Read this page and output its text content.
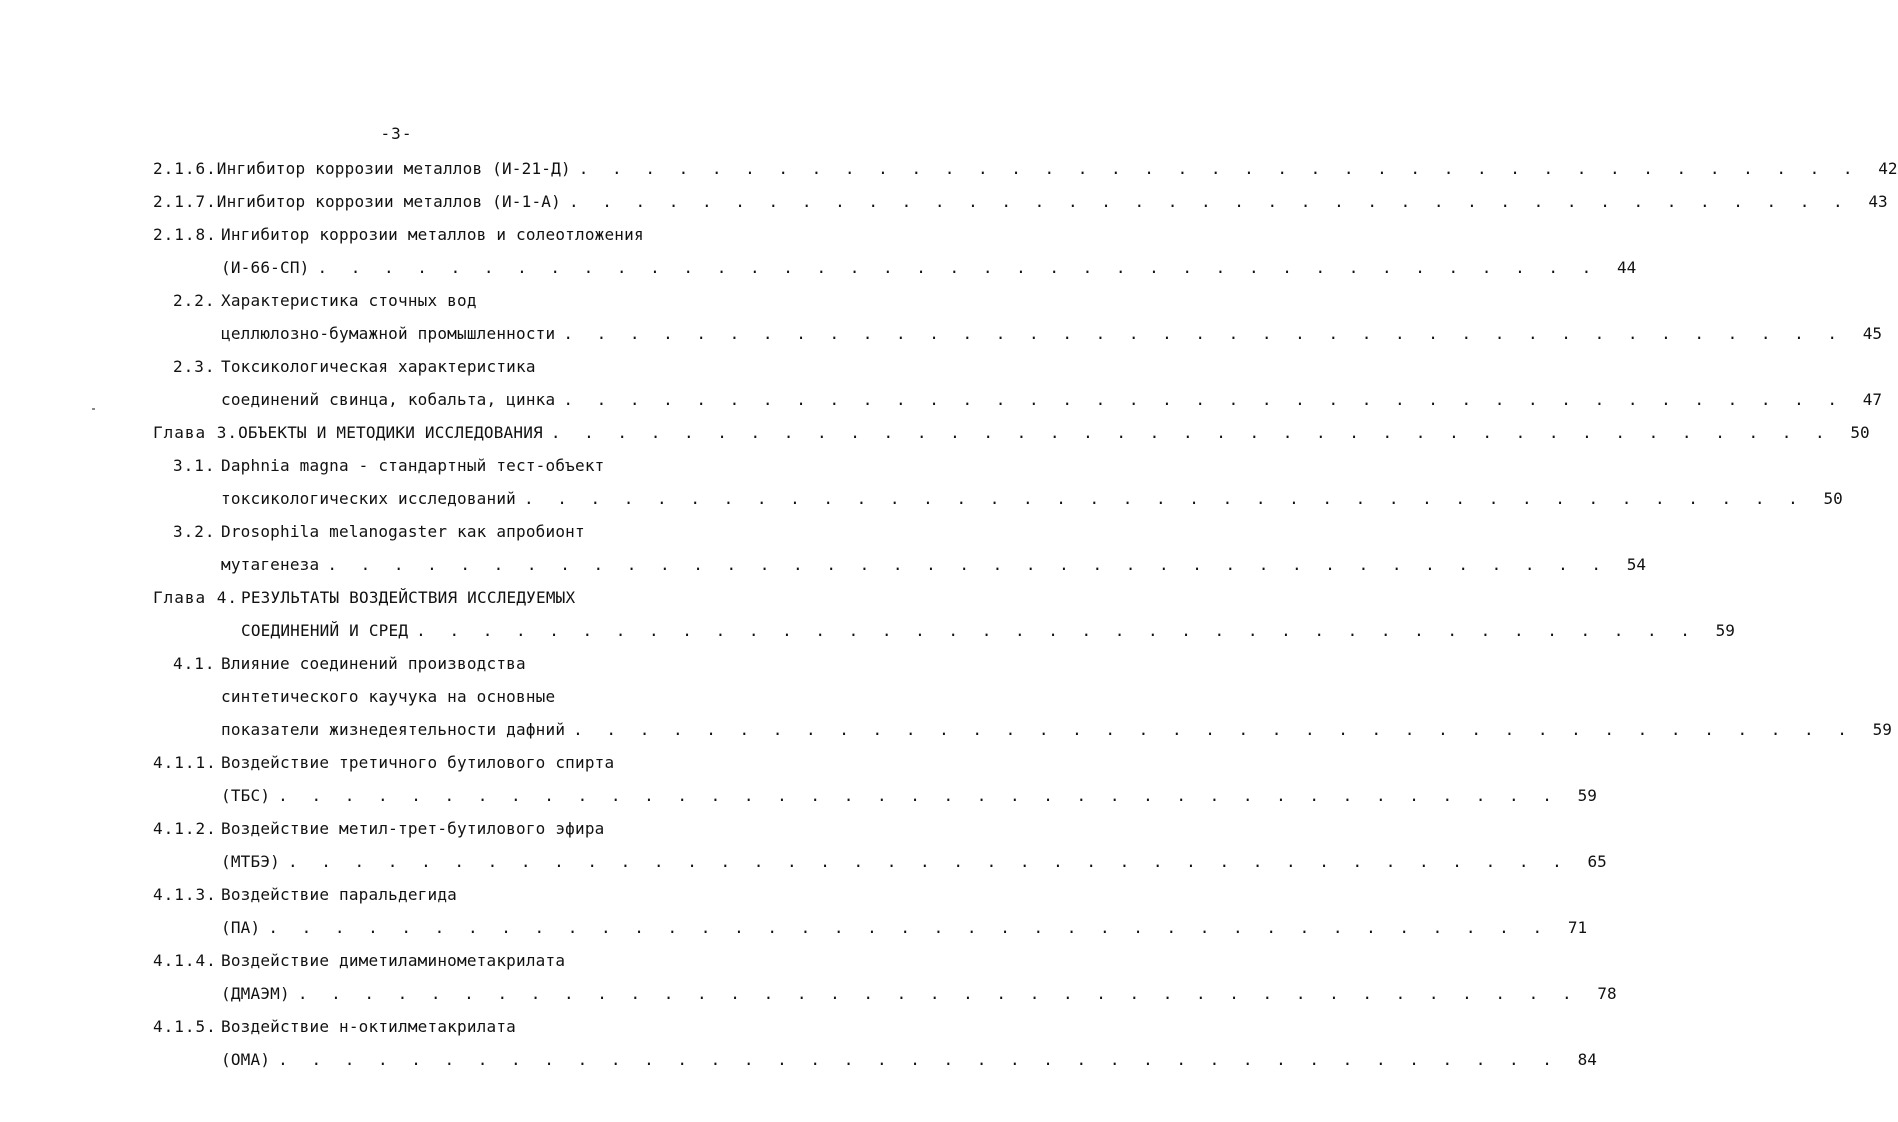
-3-
2.1.6. Ингибитор коррозии металлов (И-21-Д) . . . . . . . . . . . . . . . . . . . . . . . . . . . . . . . . . . . . . . .	42
2.1.7. Ингибитор коррозии металлов (И-1-А) . . . . . . . . . . . . . . . . . . . . . . . . . . . . . . . . . . . . . . .	43
2.1.8. Ингибитор коррозии металлов и солеотложения
(И-66-СП) . . . . . . . . . . . . . . . . . . . . . . . . . . . . . . . . . . . . . . .	44
2.2. Характеристика сточных вод
целлюлозно-бумажной промышленности . . . . . . . . . . . . . . . . . . . . . . . . . . . . . . . . . . . . . . .	45
2.3. Токсикологическая характеристика
соединений свинца, кобальта, цинка . . . . . . . . . . . . . . . . . . . . . . . . . . . . . . . . . . . . . . .	47
Глава 3. ОБЪЕКТЫ И МЕТОДИКИ ИССЛЕДОВАНИЯ . . . . . . . . . . . . . . . . . . . . . . . . . . . . . . . . . . . . . . .	50
3.1. Daphnia magna - стандартный тест-объект
токсикологических исследований . . . . . . . . . . . . . . . . . . . . . . . . . . . . . . . . . . . . . . .	50
3.2. Drosophila melanogaster как апробионт
мутагенеза . . . . . . . . . . . . . . . . . . . . . . . . . . . . . . . . . . . . . . .	54
Глава 4. РЕЗУЛЬТАТЫ ВОЗДЕЙСТВИЯ ИССЛЕДУЕМЫХ
СОЕДИНЕНИЙ И СРЕД . . . . . . . . . . . . . . . . . . . . . . . . . . . . . . . . . . . . . . .	59
4.1. Влияние соединений производства
синтетического каучука на основные
показатели жизнедеятельности дафний . . . . . . . . . . . . . . . . . . . . . . . . . . . . . . . . . . . . . . .	59
4.1.1. Воздействие третичного бутилового спирта
(ТБС) . . . . . . . . . . . . . . . . . . . . . . . . . . . . . . . . . . . . . . .	59
4.1.2. Воздействие метил-трет-бутилового эфира
(МТБЭ) . . . . . . . . . . . . . . . . . . . . . . . . . . . . . . . . . . . . . . .	65
4.1.3. Воздействие паральдегида
(ПА) . . . . . . . . . . . . . . . . . . . . . . . . . . . . . . . . . . . . . . .	71
4.1.4. Воздействие диметиламинометакрилата
(ДМАЭМ) . . . . . . . . . . . . . . . . . . . . . . . . . . . . . . . . . . . . . . .	78
4.1.5. Воздействие н-октилметакрилата
(ОМА) . . . . . . . . . . . . . . . . . . . . . . . . . . . . . . . . . . . . . . .	84
